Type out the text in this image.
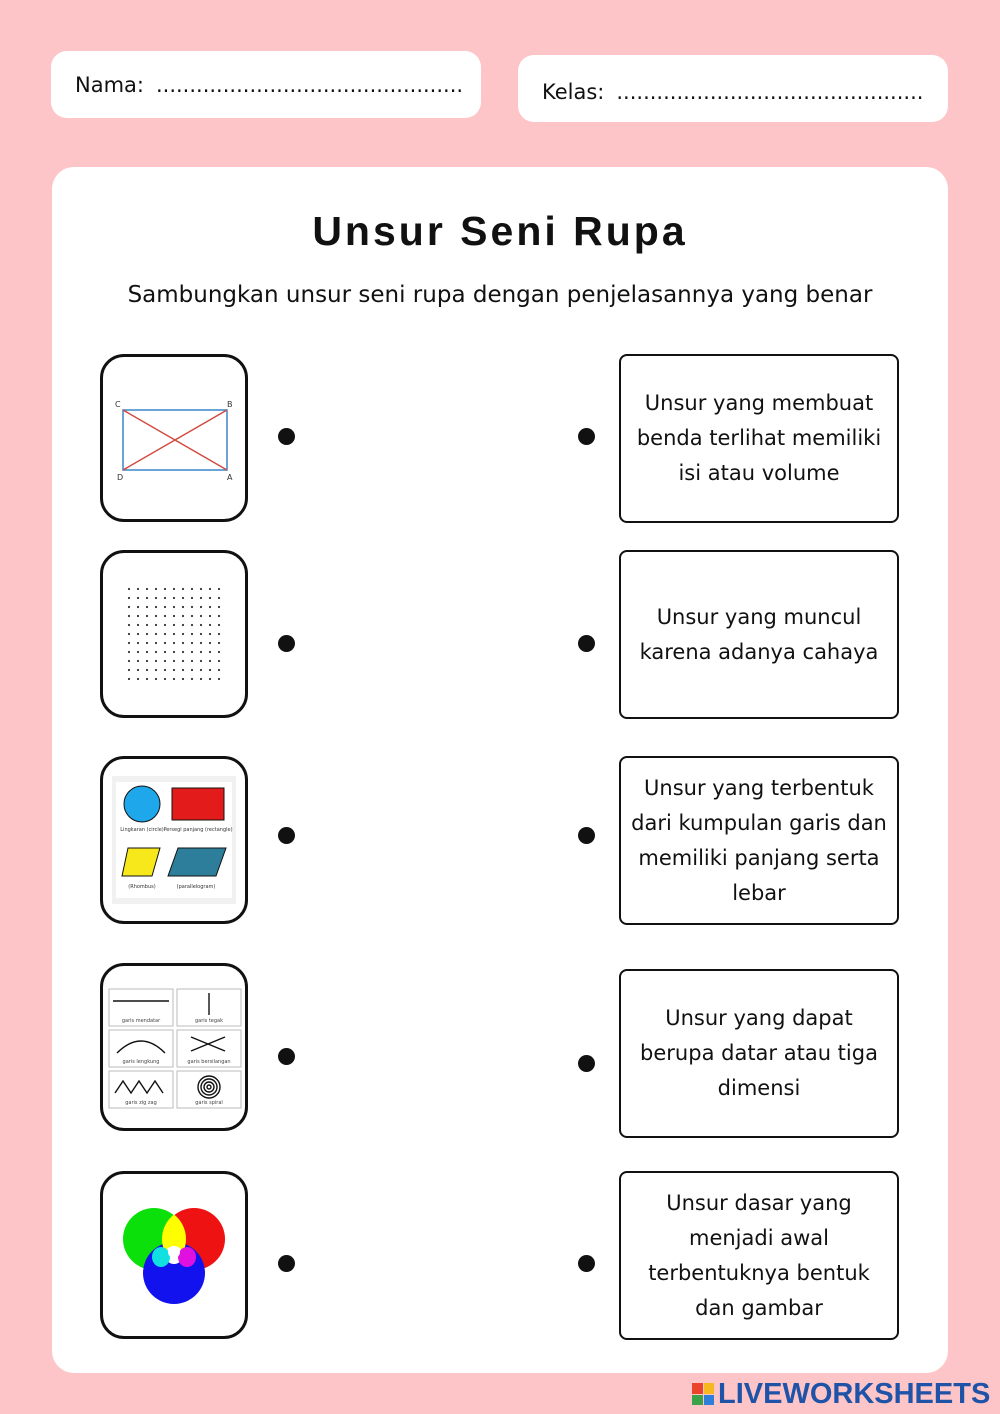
Nama: ..............................................	Kelas: ..............................................
Unsur Seni Rupa
Sambungkan unsur seni rupa dengan penjelasannya yang benar
C	B
D	A
Lingkaran (circle) Persegi panjang (rectangle)
(Rhombus)	(parallelogram)
garis mendatar	garis tegak
garis lengkung	garis bersilangan
garis zig zag	garis spiral
Unsur yang membuat benda terlihat memiliki isi atau volume
Unsur yang muncul karena adanya cahaya
Unsur yang terbentuk dari kumpulan garis dan memiliki panjang serta lebar
Unsur yang dapat berupa datar atau tiga dimensi
Unsur dasar yang menjadi awal terbentuknya bentuk dan gambar
LIVEWORKSHEETS
